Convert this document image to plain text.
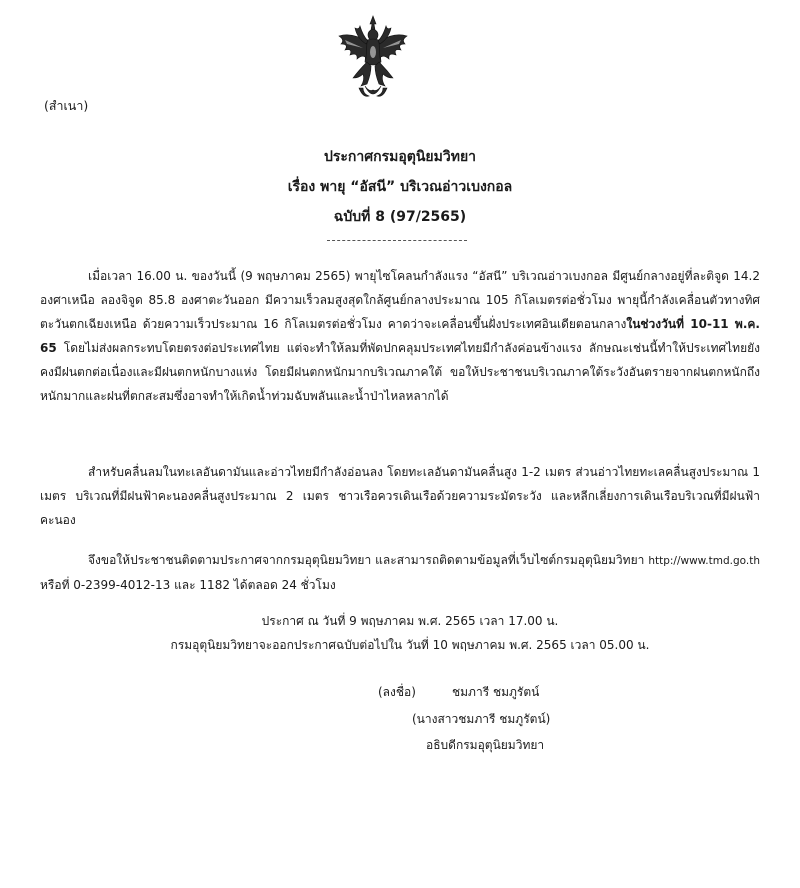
(สำเนา)
ประกาศกรมอุตุนิยมวิทยา
เรื่อง พายุ “อัสนี” บริเวณอ่าวเบงกอล
ฉบับที่ 8 (97/2565)
เมื่อเวลา 16.00 น. ของวันนี้ (9 พฤษภาคม 2565) พายุไซโคลนกำลังแรง “อัสนี” บริเวณอ่าวเบงกอล มีศูนย์กลางอยู่ที่ละติจูด 14.2 องศาเหนือ ลองจิจูด 85.8 องศาตะวันออก มีความเร็วลมสูงสุดใกล้ศูนย์กลางประมาณ 105 กิโลเมตรต่อชั่วโมง พายุนี้กำลังเคลื่อนตัวทางทิศตะวันตกเฉียงเหนือ ด้วยความเร็วประมาณ 16 กิโลเมตรต่อชั่วโมง คาดว่าจะเคลื่อนขึ้นฝั่งประเทศอินเดียตอนกลางในช่วงวันที่ 10-11 พ.ค. 65 โดยไม่ส่งผลกระทบโดยตรงต่อประเทศไทย แต่จะทำให้ลมที่พัดปกคลุมประเทศไทยมีกำลังค่อนข้างแรง ลักษณะเช่นนี้ทำให้ประเทศไทยยังคงมีฝนตกต่อเนื่องและมีฝนตกหนักบางแห่ง โดยมีฝนตกหนักมากบริเวณภาคใต้ ขอให้ประชาชนบริเวณภาคใต้ระวังอันตรายจากฝนตกหนักถึงหนักมากและฝนที่ตกสะสมซึ่งอาจทำให้เกิดน้ำท่วมฉับพลันและน้ำป่าไหลหลากได้
สำหรับคลื่นลมในทะเลอันดามันและอ่าวไทยมีกำลังอ่อนลง โดยทะเลอันดามันคลื่นสูง 1-2 เมตร ส่วนอ่าวไทยทะเลคลื่นสูงประมาณ 1 เมตร บริเวณที่มีฝนฟ้าคะนองคลื่นสูงประมาณ 2 เมตร ชาวเรือควรเดินเรือด้วยความระมัดระวัง และหลีกเลี่ยงการเดินเรือบริเวณที่มีฝนฟ้าคะนอง
จึงขอให้ประชาชนติดตามประกาศจากกรมอุตุนิยมวิทยา และสามารถติดตามข้อมูลที่เว็บไซต์กรมอุตุนิยมวิทยา http://www.tmd.go.th หรือที่ 0-2399-4012-13 และ 1182 ได้ตลอด 24 ชั่วโมง
ประกาศ ณ วันที่ 9 พฤษภาคม พ.ศ. 2565 เวลา 17.00 น.
กรมอุตุนิยมวิทยาจะออกประกาศฉบับต่อไปใน วันที่ 10 พฤษภาคม พ.ศ. 2565 เวลา 05.00 น.
(ลงชื่อ)	ชมภารี ชมภูรัตน์
(นางสาวชมภารี ชมภูรัตน์)
อธิบดีกรมอุตุนิยมวิทยา
